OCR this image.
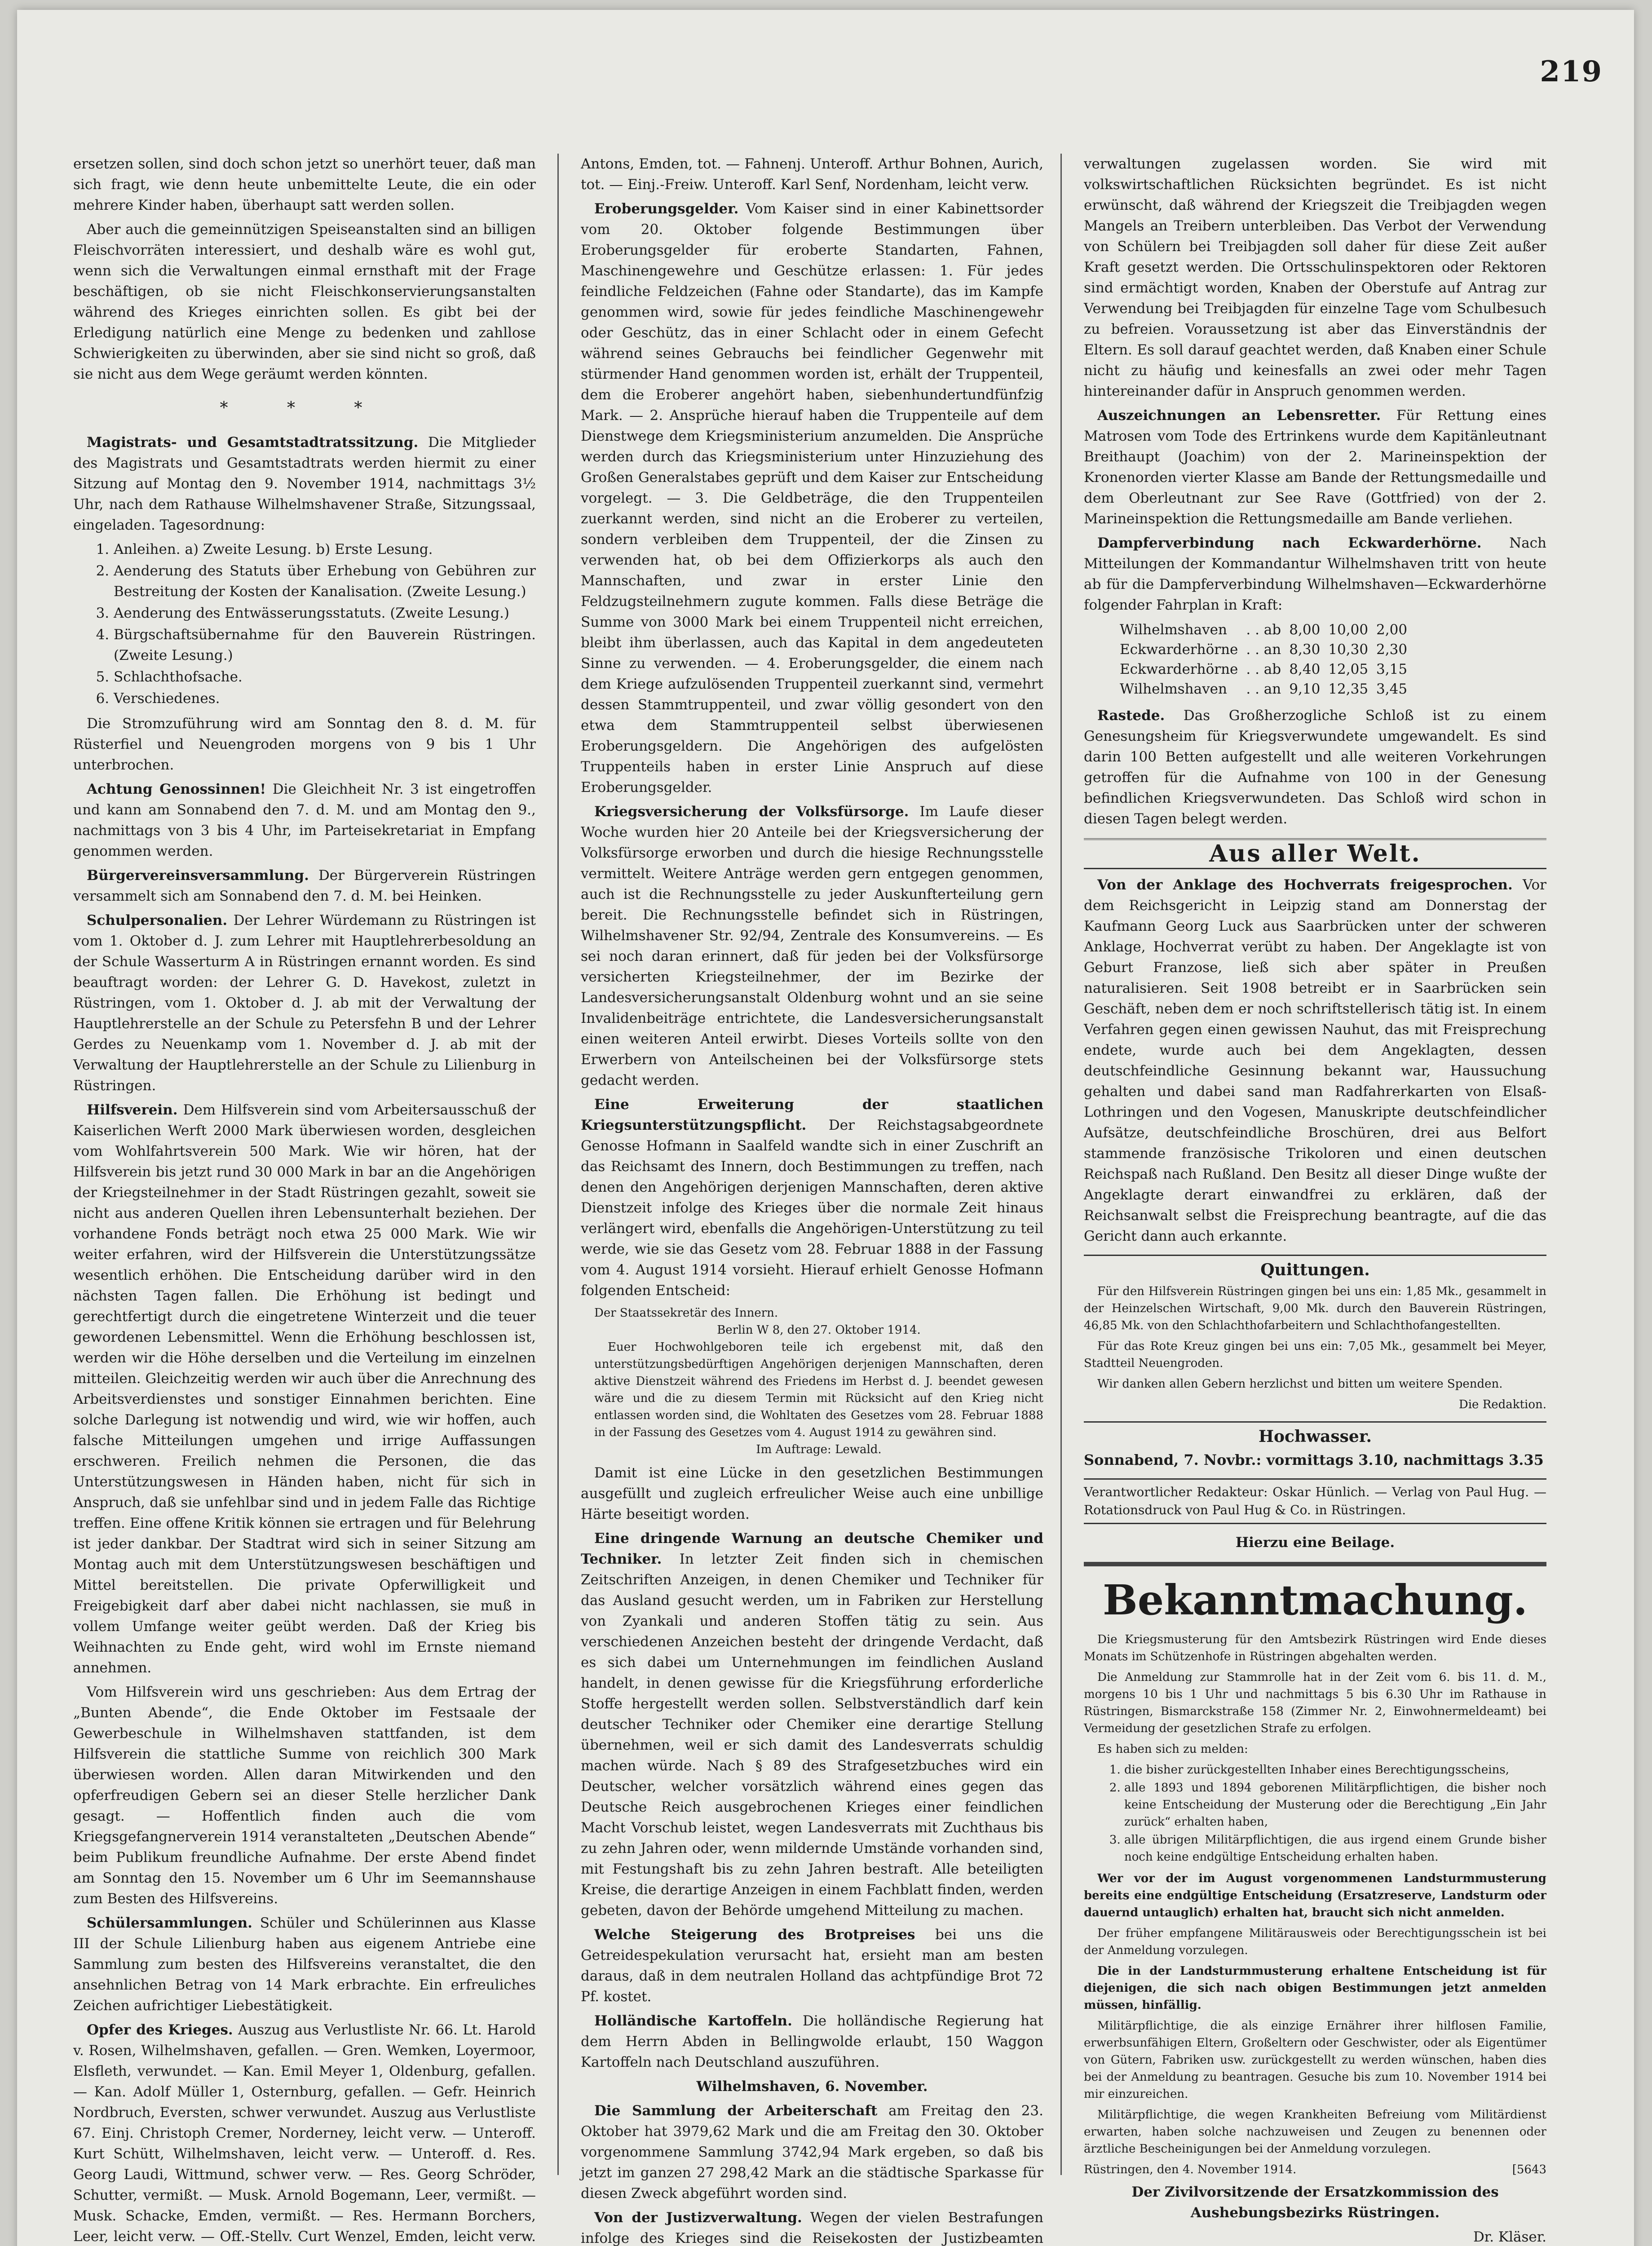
219

ersetzen sollen, sind doch schon jetzt so unerhört teuer, daß man sich fragt, wie denn heute unbemittelte Leute, die ein oder mehrere Kinder haben, überhaupt satt werden sollen.

Aber auch die gemeinnützigen Speiseanstalten sind an billigen Fleischvorräten interessiert, und deshalb wäre es wohl gut, wenn sich die Verwaltungen einmal ernsthaft mit der Frage beschäftigen, ob sie nicht Fleischkonservierungsanstalten während des Krieges einrichten sollen. Es gibt bei der Erledigung natürlich eine Menge zu bedenken und zahllose Schwierigkeiten zu überwinden, aber sie sind nicht so groß, daß sie nicht aus dem Wege geräumt werden könnten.

* * *

Magistrats- und Gesamtstadtratssitzung. Die Mitglieder des Magistrats und Gesamtstadtrats werden hiermit zu einer Sitzung auf Montag den 9. November 1914, nachmittags 3½ Uhr, nach dem Rathause Wilhelmshavener Straße, Sitzungssaal, eingeladen. Tagesordnung:

1. Anleihen. a) Zweite Lesung. b) Erste Lesung.
2. Aenderung des Statuts über Erhebung von Gebühren zur Bestreitung der Kosten der Kanalisation. (Zweite Lesung.)
3. Aenderung des Entwässerungsstatuts. (Zweite Lesung.)
4. Bürgschaftsübernahme für den Bauverein Rüstringen. (Zweite Lesung.)
5. Schlachthofsache.
6. Verschiedenes.

Die Stromzuführung wird am Sonntag den 8. d. M. für Rüsterfiel und Neuengroden morgens von 9 bis 1 Uhr unterbrochen.

Achtung Genossinnen! Die Gleichheit Nr. 3 ist eingetroffen und kann am Sonnabend den 7. d. M. und am Montag den 9., nachmittags von 3 bis 4 Uhr, im Parteisekretariat in Empfang genommen werden.

Bürgervereinsversammlung. Der Bürgerverein Rüstringen versammelt sich am Sonnabend den 7. d. M. bei Heinken.

Schulpersonalien. Der Lehrer Würdemann zu Rüstringen ist vom 1. Oktober d. J. zum Lehrer mit Hauptlehrerbesoldung an der Schule Wasserturm A in Rüstringen ernannt worden. Es sind beauftragt worden: der Lehrer G. D. Havekost, zuletzt in Rüstringen, vom 1. Oktober d. J. ab mit der Verwaltung der Hauptlehrerstelle an der Schule zu Petersfehn B und der Lehrer Gerdes zu Neuenkamp vom 1. November d. J. ab mit der Verwaltung der Hauptlehrerstelle an der Schule zu Lilienburg in Rüstringen.

Hilfsverein. Dem Hilfsverein sind vom Arbeitersausschuß der Kaiserlichen Werft 2000 Mark überwiesen worden, desgleichen vom Wohlfahrtsverein 500 Mark. Wie wir hören, hat der Hilfsverein bis jetzt rund 30 000 Mark in bar an die Angehörigen der Kriegsteilnehmer in der Stadt Rüstringen gezahlt, soweit sie nicht aus anderen Quellen ihren Lebensunterhalt beziehen. Der vorhandene Fonds beträgt noch etwa 25 000 Mark. Wie wir weiter erfahren, wird der Hilfsverein die Unterstützungssätze wesentlich erhöhen. Die Entscheidung darüber wird in den nächsten Tagen fallen. Die Erhöhung ist bedingt und gerechtfertigt durch die eingetretene Winterzeit und die teuer gewordenen Lebensmittel. Wenn die Erhöhung beschlossen ist, werden wir die Höhe derselben und die Verteilung im einzelnen mitteilen. Gleichzeitig werden wir auch über die Anrechnung des Arbeitsverdienstes und sonstiger Einnahmen berichten. Eine solche Darlegung ist notwendig und wird, wie wir hoffen, auch falsche Mitteilungen umgehen und irrige Auffassungen erschweren. Freilich nehmen die Personen, die das Unterstützungswesen in Händen haben, nicht für sich in Anspruch, daß sie unfehlbar sind und in jedem Falle das Richtige treffen. Eine offene Kritik können sie ertragen und für Belehrung ist jeder dankbar. Der Stadtrat wird sich in seiner Sitzung am Montag auch mit dem Unterstützungswesen beschäftigen und Mittel bereitstellen. Die private Opferwilligkeit und Freigebigkeit darf aber dabei nicht nachlassen, sie muß in vollem Umfange weiter geübt werden. Daß der Krieg bis Weihnachten zu Ende geht, wird wohl im Ernste niemand annehmen.

Vom Hilfsverein wird uns geschrieben: Aus dem Ertrag der „Bunten Abende“, die Ende Oktober im Festsaale der Gewerbeschule in Wilhelmshaven stattfanden, ist dem Hilfsverein die stattliche Summe von reichlich 300 Mark überwiesen worden. Allen daran Mitwirkenden und den opferfreudigen Gebern sei an dieser Stelle herzlicher Dank gesagt. — Hoffentlich finden auch die vom Kriegsgefangnerverein 1914 veranstalteten „Deutschen Abende“ beim Publikum freundliche Aufnahme. Der erste Abend findet am Sonntag den 15. November um 6 Uhr im Seemannshause zum Besten des Hilfsvereins.

Schülersammlungen. Schüler und Schülerinnen aus Klasse III der Schule Lilienburg haben aus eigenem Antriebe eine Sammlung zum besten des Hilfsvereins veranstaltet, die den ansehnlichen Betrag von 14 Mark erbrachte. Ein erfreuliches Zeichen aufrichtiger Liebestätigkeit.

Opfer des Krieges. Auszug aus Verlustliste Nr. 66. Lt. Harold v. Rosen, Wilhelmshaven, gefallen. — Gren. Wemken, Loyermoor, Elsfleth, verwundet. — Kan. Emil Meyer 1, Oldenburg, gefallen. — Kan. Adolf Müller 1, Osternburg, gefallen. — Gefr. Heinrich Nordbruch, Eversten, schwer verwundet. Auszug aus Verlustliste 67. Einj. Christoph Cremer, Norderney, leicht verw. — Unteroff. Kurt Schütt, Wilhelmshaven, leicht verw. — Unteroff. d. Res. Georg Laudi, Wittmund, schwer verw. — Res. Georg Schröder, Schutter, vermißt. — Musk. Arnold Bogemann, Leer, vermißt. — Musk. Schacke, Emden, vermißt. — Res. Hermann Borchers, Leer, leicht verw. — Off.-Stellv. Curt Wenzel, Emden, leicht verw.

Antons, Emden, tot. — Fahnenj. Unteroff. Arthur Bohnen, Aurich, tot. — Einj.-Freiw. Unteroff. Karl Senf, Nordenham, leicht verw.

Eroberungsgelder. Vom Kaiser sind in einer Kabinettsorder vom 20. Oktober folgende Bestimmungen über Eroberungsgelder für eroberte Standarten, Fahnen, Maschinengewehre und Geschütze erlassen: 1. Für jedes feindliche Feldzeichen (Fahne oder Standarte), das im Kampfe genommen wird, sowie für jedes feindliche Maschinengewehr oder Geschütz, das in einer Schlacht oder in einem Gefecht während seines Gebrauchs bei feindlicher Gegenwehr mit stürmender Hand genommen worden ist, erhält der Truppenteil, dem die Eroberer angehört haben, siebenhundertundfünfzig Mark. — 2. Ansprüche hierauf haben die Truppenteile auf dem Dienstwege dem Kriegsministerium anzumelden. Die Ansprüche werden durch das Kriegsministerium unter Hinzuziehung des Großen Generalstabes geprüft und dem Kaiser zur Entscheidung vorgelegt. — 3. Die Geldbeträge, die den Truppenteilen zuerkannt werden, sind nicht an die Eroberer zu verteilen, sondern verbleiben dem Truppenteil, der die Zinsen zu verwenden hat, ob bei dem Offizierkorps als auch den Mannschaften, und zwar in erster Linie den Feldzugsteilnehmern zugute kommen. Falls diese Beträge die Summe von 3000 Mark bei einem Truppenteil nicht erreichen, bleibt ihm überlassen, auch das Kapital in dem angedeuteten Sinne zu verwenden. — 4. Eroberungsgelder, die einem nach dem Kriege aufzulösenden Truppenteil zuerkannt sind, vermehrt dessen Stammtruppenteil, und zwar völlig gesondert von den etwa dem Stammtruppenteil selbst überwiesenen Eroberungsgeldern. Die Angehörigen des aufgelösten Truppenteils haben in erster Linie Anspruch auf diese Eroberungsgelder.

Kriegsversicherung der Volksfürsorge. Im Laufe dieser Woche wurden hier 20 Anteile bei der Kriegsversicherung der Volksfürsorge erworben und durch die hiesige Rechnungsstelle vermittelt. Weitere Anträge werden gern entgegen genommen, auch ist die Rechnungsstelle zu jeder Auskunfterteilung gern bereit. Die Rechnungsstelle befindet sich in Rüstringen, Wilhelmshavener Str. 92/94, Zentrale des Konsumvereins. — Es sei noch daran erinnert, daß für jeden bei der Volksfürsorge versicherten Kriegsteilnehmer, der im Bezirke der Landesversicherungsanstalt Oldenburg wohnt und an sie seine Invalidenbeiträge entrichtete, die Landesversicherungsanstalt einen weiteren Anteil erwirbt. Dieses Vorteils sollte von den Erwerbern von Anteilscheinen bei der Volksfürsorge stets gedacht werden.

Eine Erweiterung der staatlichen Kriegsunterstützungspflicht. Der Reichstagsabgeordnete Genosse Hofmann in Saalfeld wandte sich in einer Zuschrift an das Reichsamt des Innern, doch Bestimmungen zu treffen, nach denen den Angehörigen derjenigen Mannschaften, deren aktive Dienstzeit infolge des Krieges über die normale Zeit hinaus verlängert wird, ebenfalls die Angehörigen-Unterstützung zu teil werde, wie sie das Gesetz vom 28. Februar 1888 in der Fassung vom 4. August 1914 vorsieht. Hierauf erhielt Genosse Hofmann folgenden Entscheid:

Der Staatssekretär des Innern.
Berlin W 8, den 27. Oktober 1914.
Euer Hochwohlgeboren teile ich ergebenst mit, daß den unterstützungsbedürftigen Angehörigen derjenigen Mannschaften, deren aktive Dienstzeit während des Friedens im Herbst d. J. beendet gewesen wäre und die zu diesem Termin mit Rücksicht auf den Krieg nicht entlassen worden sind, die Wohltaten des Gesetzes vom 28. Februar 1888 in der Fassung des Gesetzes vom 4. August 1914 zu gewähren sind.
Im Auftrage: Lewald.

Damit ist eine Lücke in den gesetzlichen Bestimmungen ausgefüllt und zugleich erfreulicher Weise auch eine unbillige Härte beseitigt worden.

Eine dringende Warnung an deutsche Chemiker und Techniker. In letzter Zeit finden sich in chemischen Zeitschriften Anzeigen, in denen Chemiker und Techniker für das Ausland gesucht werden, um in Fabriken zur Herstellung von Zyankali und anderen Stoffen tätig zu sein. Aus verschiedenen Anzeichen besteht der dringende Verdacht, daß es sich dabei um Unternehmungen im feindlichen Ausland handelt, in denen gewisse für die Kriegsführung erforderliche Stoffe hergestellt werden sollen. Selbstverständlich darf kein deutscher Techniker oder Chemiker eine derartige Stellung übernehmen, weil er sich damit des Landesverrats schuldig machen würde. Nach § 89 des Strafgesetzbuches wird ein Deutscher, welcher vorsätzlich während eines gegen das Deutsche Reich ausgebrochenen Krieges einer feindlichen Macht Vorschub leistet, wegen Landesverrats mit Zuchthaus bis zu zehn Jahren oder, wenn mildernde Umstände vorhanden sind, mit Festungshaft bis zu zehn Jahren bestraft. Alle beteiligten Kreise, die derartige Anzeigen in einem Fachblatt finden, werden gebeten, davon der Behörde umgehend Mitteilung zu machen.

Welche Steigerung des Brotpreises bei uns die Getreidespekulation verursacht hat, ersieht man am besten daraus, daß in dem neutralen Holland das achtpfündige Brot 72 Pf. kostet.

Holländische Kartoffeln. Die holländische Regierung hat dem Herrn Abden in Bellingwolde erlaubt, 150 Waggon Kartoffeln nach Deutschland auszuführen.

Wilhelmshaven, 6. November.

Die Sammlung der Arbeiterschaft am Freitag den 23. Oktober hat 3979,62 Mark und die am Freitag den 30. Oktober vorgenommene Sammlung 3742,94 Mark ergeben, so daß bis jetzt im ganzen 27 298,42 Mark an die städtische Sparkasse für diesen Zweck abgeführt worden sind.

Von der Justizverwaltung. Wegen der vielen Bestrafungen infolge des Krieges sind die Reisekosten der Justizbeamten

verwaltungen zugelassen worden. Sie wird mit volkswirtschaftlichen Rücksichten begründet. Es ist nicht erwünscht, daß während der Kriegszeit die Treibjagden wegen Mangels an Treibern unterbleiben. Das Verbot der Verwendung von Schülern bei Treibjagden soll daher für diese Zeit außer Kraft gesetzt werden. Die Ortsschulinspektoren oder Rektoren sind ermächtigt worden, Knaben der Oberstufe auf Antrag zur Verwendung bei Treibjagden für einzelne Tage vom Schulbesuch zu befreien. Voraussetzung ist aber das Einverständnis der Eltern. Es soll darauf geachtet werden, daß Knaben einer Schule nicht zu häufig und keinesfalls an zwei oder mehr Tagen hintereinander dafür in Anspruch genommen werden.

Auszeichnungen an Lebensretter. Für Rettung eines Matrosen vom Tode des Ertrinkens wurde dem Kapitänleutnant Breithaupt (Joachim) von der 2. Marineinspektion der Kronenorden vierter Klasse am Bande der Rettungsmedaille und dem Oberleutnant zur See Rave (Gottfried) von der 2. Marineinspektion die Rettungsmedaille am Bande verliehen.

Dampferverbindung nach Eckwarderhörne. Nach Mitteilungen der Kommandantur Wilhelmshaven tritt von heute ab für die Dampferverbindung Wilhelmshaven—Eckwarderhörne folgender Fahrplan in Kraft:

Wilhelmshaven	. . ab	8,00	10,00	2,00
Eckwarderhörne	. . an	8,30	10,30	2,30
Eckwarderhörne	. . ab	8,40	12,05	3,15
Wilhelmshaven	. . an	9,10	12,35	3,45

Rastede. Das Großherzogliche Schloß ist zu einem Genesungsheim für Kriegsverwundete umgewandelt. Es sind darin 100 Betten aufgestellt und alle weiteren Vorkehrungen getroffen für die Aufnahme von 100 in der Genesung befindlichen Kriegsverwundeten. Das Schloß wird schon in diesen Tagen belegt werden.

Aus aller Welt.

Von der Anklage des Hochverrats freigesprochen. Vor dem Reichsgericht in Leipzig stand am Donnerstag der Kaufmann Georg Luck aus Saarbrücken unter der schweren Anklage, Hochverrat verübt zu haben. Der Angeklagte ist von Geburt Franzose, ließ sich aber später in Preußen naturalisieren. Seit 1908 betreibt er in Saarbrücken sein Geschäft, neben dem er noch schriftstellerisch tätig ist. In einem Verfahren gegen einen gewissen Nauhut, das mit Freisprechung endete, wurde auch bei dem Angeklagten, dessen deutschfeindliche Gesinnung bekannt war, Haussuchung gehalten und dabei sand man Radfahrerkarten von Elsaß-Lothringen und den Vogesen, Manuskripte deutschfeindlicher Aufsätze, deutschfeindliche Broschüren, drei aus Belfort stammende französische Trikoloren und einen deutschen Reichspaß nach Rußland. Den Besitz all dieser Dinge wußte der Angeklagte derart einwandfrei zu erklären, daß der Reichsanwalt selbst die Freisprechung beantragte, auf die das Gericht dann auch erkannte.

Quittungen.

Für den Hilfsverein Rüstringen gingen bei uns ein: 1,85 Mk., gesammelt in der Heinzelschen Wirtschaft, 9,00 Mk. durch den Bauverein Rüstringen, 46,85 Mk. von den Schlachthofarbeitern und Schlachthofangestellten.

Für das Rote Kreuz gingen bei uns ein: 7,05 Mk., gesammelt bei Meyer, Stadtteil Neuengroden.

Wir danken allen Gebern herzlichst und bitten um weitere Spenden.

Die Redaktion.

Hochwasser.

Sonnabend, 7. Novbr.: vormittags 3.10, nachmittags 3.35

Verantwortlicher Redakteur: Oskar Hünlich. — Verlag von Paul Hug. — Rotationsdruck von Paul Hug & Co. in Rüstringen.

Hierzu eine Beilage.

Bekanntmachung.

Die Kriegsmusterung für den Amtsbezirk Rüstringen wird Ende dieses Monats im Schützenhofe in Rüstringen abgehalten werden.

Die Anmeldung zur Stammrolle hat in der Zeit vom 6. bis 11. d. M., morgens 10 bis 1 Uhr und nachmittags 5 bis 6.30 Uhr im Rathause in Rüstringen, Bismarckstraße 158 (Zimmer Nr. 2, Einwohnermeldeamt) bei Vermeidung der gesetzlichen Strafe zu erfolgen.

Es haben sich zu melden:

1. die bisher zurückgestellten Inhaber eines Berechtigungsscheins,
2. alle 1893 und 1894 geborenen Militärpflichtigen, die bisher noch keine Entscheidung der Musterung oder die Berechtigung „Ein Jahr zurück“ erhalten haben,
3. alle übrigen Militärpflichtigen, die aus irgend einem Grunde bisher noch keine endgültige Entscheidung erhalten haben.

Wer vor der im August vorgenommenen Landsturmmusterung bereits eine endgültige Entscheidung (Ersatzreserve, Landsturm oder dauernd untauglich) erhalten hat, braucht sich nicht anmelden.

Der früher empfangene Militärausweis oder Berechtigungsschein ist bei der Anmeldung vorzulegen.

Die in der Landsturmmusterung erhaltene Entscheidung ist für diejenigen, die sich nach obigen Bestimmungen jetzt anmelden müssen, hinfällig.

Militärpflichtige, die als einzige Ernährer ihrer hilflosen Familie, erwerbsunfähigen Eltern, Großeltern oder Geschwister, oder als Eigentümer von Gütern, Fabriken usw. zurückgestellt zu werden wünschen, haben dies bei der Anmeldung zu beantragen. Gesuche bis zum 10. November 1914 bei mir einzureichen.

Militärpflichtige, die wegen Krankheiten Befreiung vom Militärdienst erwarten, haben solche nachzuweisen und Zeugen zu benennen oder ärztliche Bescheinigungen bei der Anmeldung vorzulegen.

Rüstringen, den 4. November 1914.	[5643

Der Zivilvorsitzende der Ersatzkommission des Aushebungsbezirks Rüstringen.

Dr. Kläser.
